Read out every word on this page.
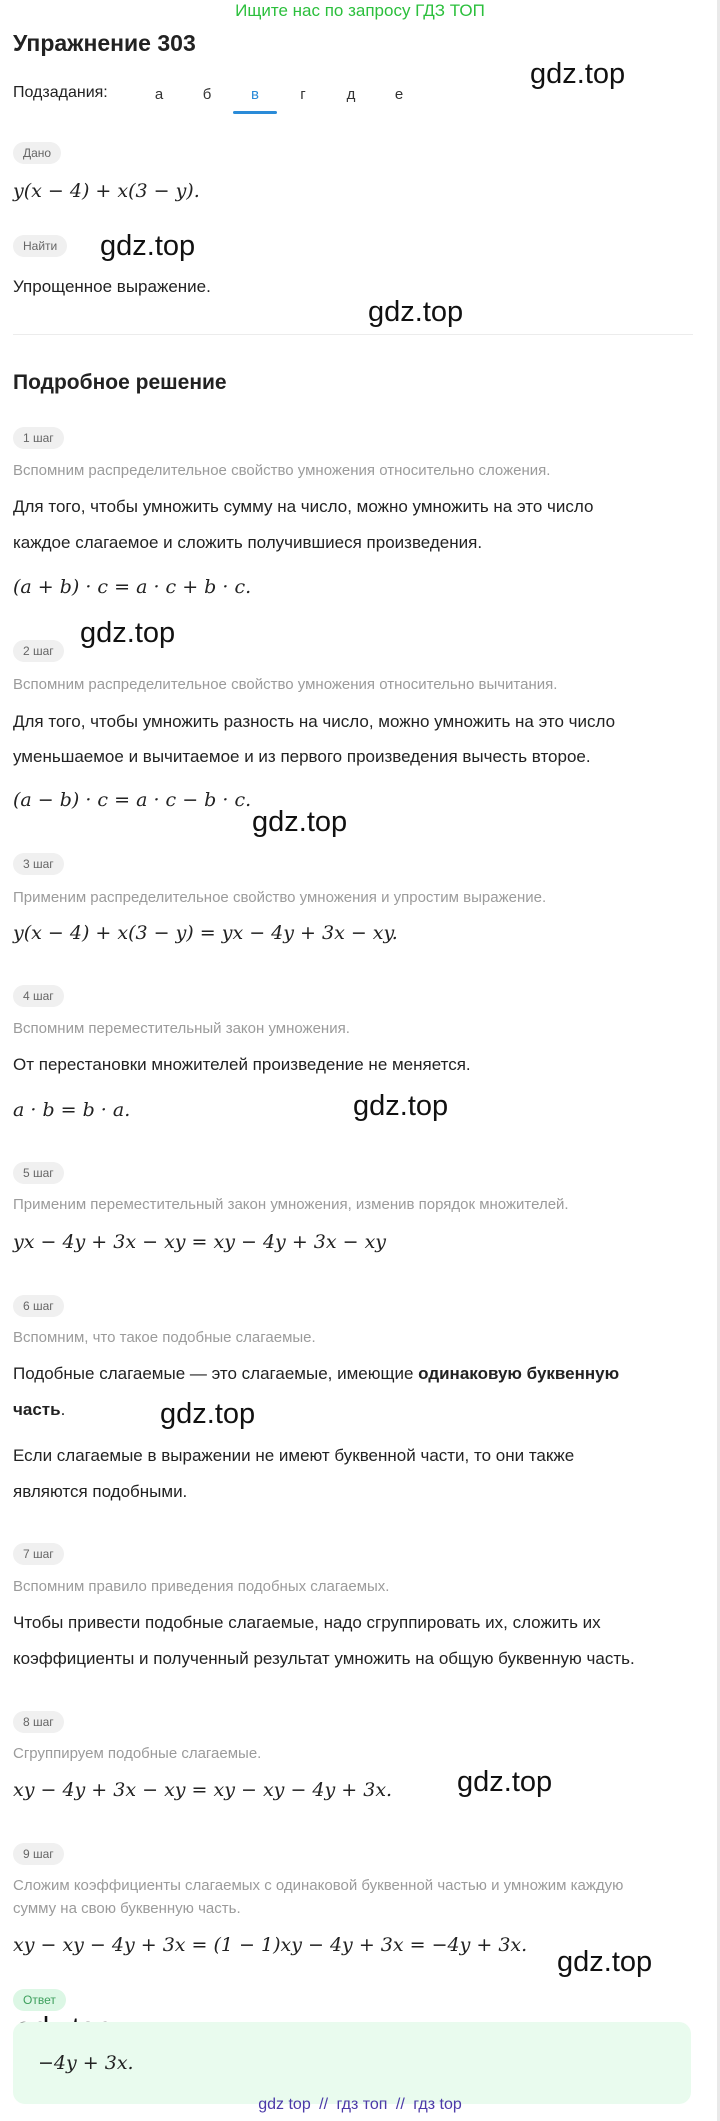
Ищите нас по запросу ГДЗ ТОП
Упражнение 303
Подзадания:	а	б	в	г	д	е
gdz.top
gdz.top
gdz.top
gdz.top
gdz.top
gdz.top
gdz.top
gdz.top
gdz.top
Дано
y(x − 4) + x(3 − y).
Найти
Упрощенное выражение.
Подробное решение
1 шаг
Вспомним распределительное свойство умножения относительно сложения.
Для того, чтобы умножить сумму на число, можно умножить на это число
каждое слагаемое и сложить получившиеся произведения.
(a + b) · c = a · c + b · c.
2 шаг
Вспомним распределительное свойство умножения относительно вычитания.
Для того, чтобы умножить разность на число, можно умножить на это число
уменьшаемое и вычитаемое и из первого произведения вычесть второе.
(a − b) · c = a · c − b · c.
3 шаг
Применим распределительное свойство умножения и упростим выражение.
y(x − 4) + x(3 − y) = yx − 4y + 3x − xy.
4 шаг
Вспомним переместительный закон умножения.
От перестановки множителей произведение не меняется.
a · b = b · a.
5 шаг
Применим переместительный закон умножения, изменив порядок множителей.
yx − 4y + 3x − xy = xy − 4y + 3x − xy
6 шаг
Вспомним, что такое подобные слагаемые.
Подобные слагаемые — это слагаемые, имеющие одинаковую буквенную
часть.
Если слагаемые в выражении не имеют буквенной части, то они также
являются подобными.
7 шаг
Вспомним правило приведения подобных слагаемых.
Чтобы привести подобные слагаемые, надо сгруппировать их, сложить их
коэффициенты и полученный результат умножить на общую буквенную часть.
8 шаг
Сгруппируем подобные слагаемые.
xy − 4y + 3x − xy = xy − xy − 4y + 3x.
9 шаг
Сложим коэффициенты слагаемых с одинаковой буквенной частью и умножим каждую
сумму на свою буквенную часть.
xy − xy − 4y + 3x = (1 − 1)xy − 4y + 3x = −4y + 3x.
Ответ
−4y + 3x.
gdz top // гдз топ // гдз top
